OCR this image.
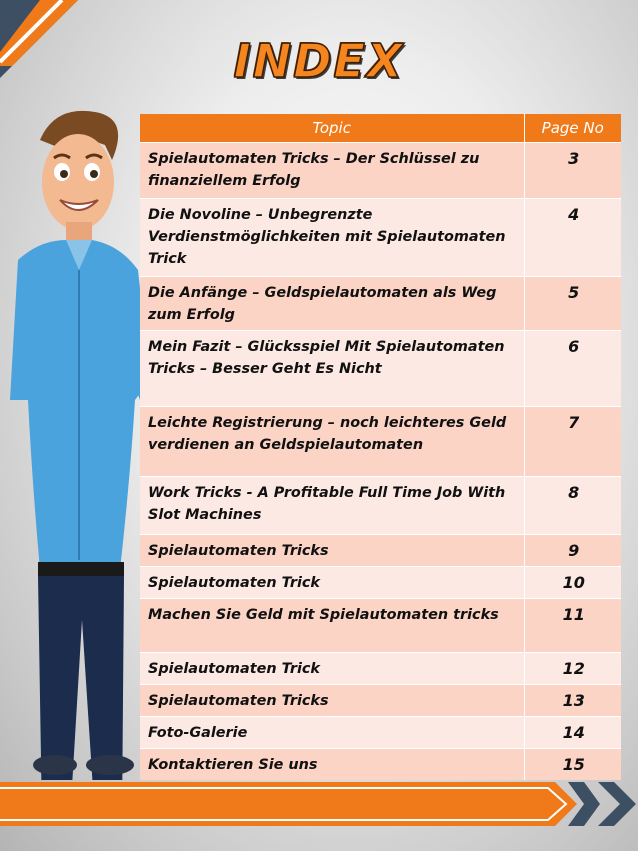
INDEX
Topic	Page No
Spielautomaten Tricks – Der Schlüssel zu finanziellem Erfolg	3
Die Novoline – Unbegrenzte Verdienstmöglichkeiten mit Spielautomaten Trick	4
Die Anfänge – Geldspielautomaten als Weg zum Erfolg	5
Mein Fazit – Glücksspiel Mit Spielautomaten Tricks – Besser Geht Es Nicht	6
Leichte Registrierung – noch leichteres Geld verdienen an Geldspielautomaten	7
Work Tricks - A Profitable Full Time Job With Slot Machines	8
Spielautomaten Tricks	9
Spielautomaten Trick	10
Machen Sie Geld mit Spielautomaten tricks	11
Spielautomaten Trick	12
Spielautomaten Tricks	13
Foto-Galerie	14
Kontaktieren Sie uns	15
